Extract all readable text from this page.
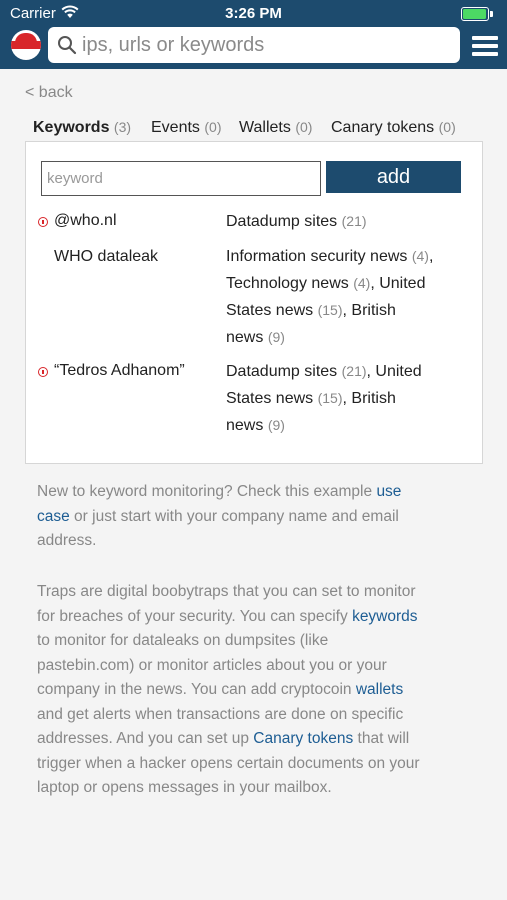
Carrier	3:26 PM
ips, urls or keywords
< back
Keywords (3) Events (0) Wallets (0) Canary tokens (0)
keyword
add
@who.nl	Datadump sites (21)
WHO dataleak	Information security news (4),
Technology news (4), United
States news (15), British
news (9)
“Tedros Adhanom”	Datadump sites (21), United
States news (15), British
news (9)
New to keyword monitoring? Check this example use
case or just start with your company name and email
address.
Traps are digital boobytraps that you can set to monitor
for breaches of your security. You can specify keywords
to monitor for dataleaks on dumpsites (like
pastebin.com) or monitor articles about you or your
company in the news. You can add cryptocoin wallets
and get alerts when transactions are done on specific
addresses. And you can set up Canary tokens that will
trigger when a hacker opens certain documents on your
laptop or opens messages in your mailbox.
